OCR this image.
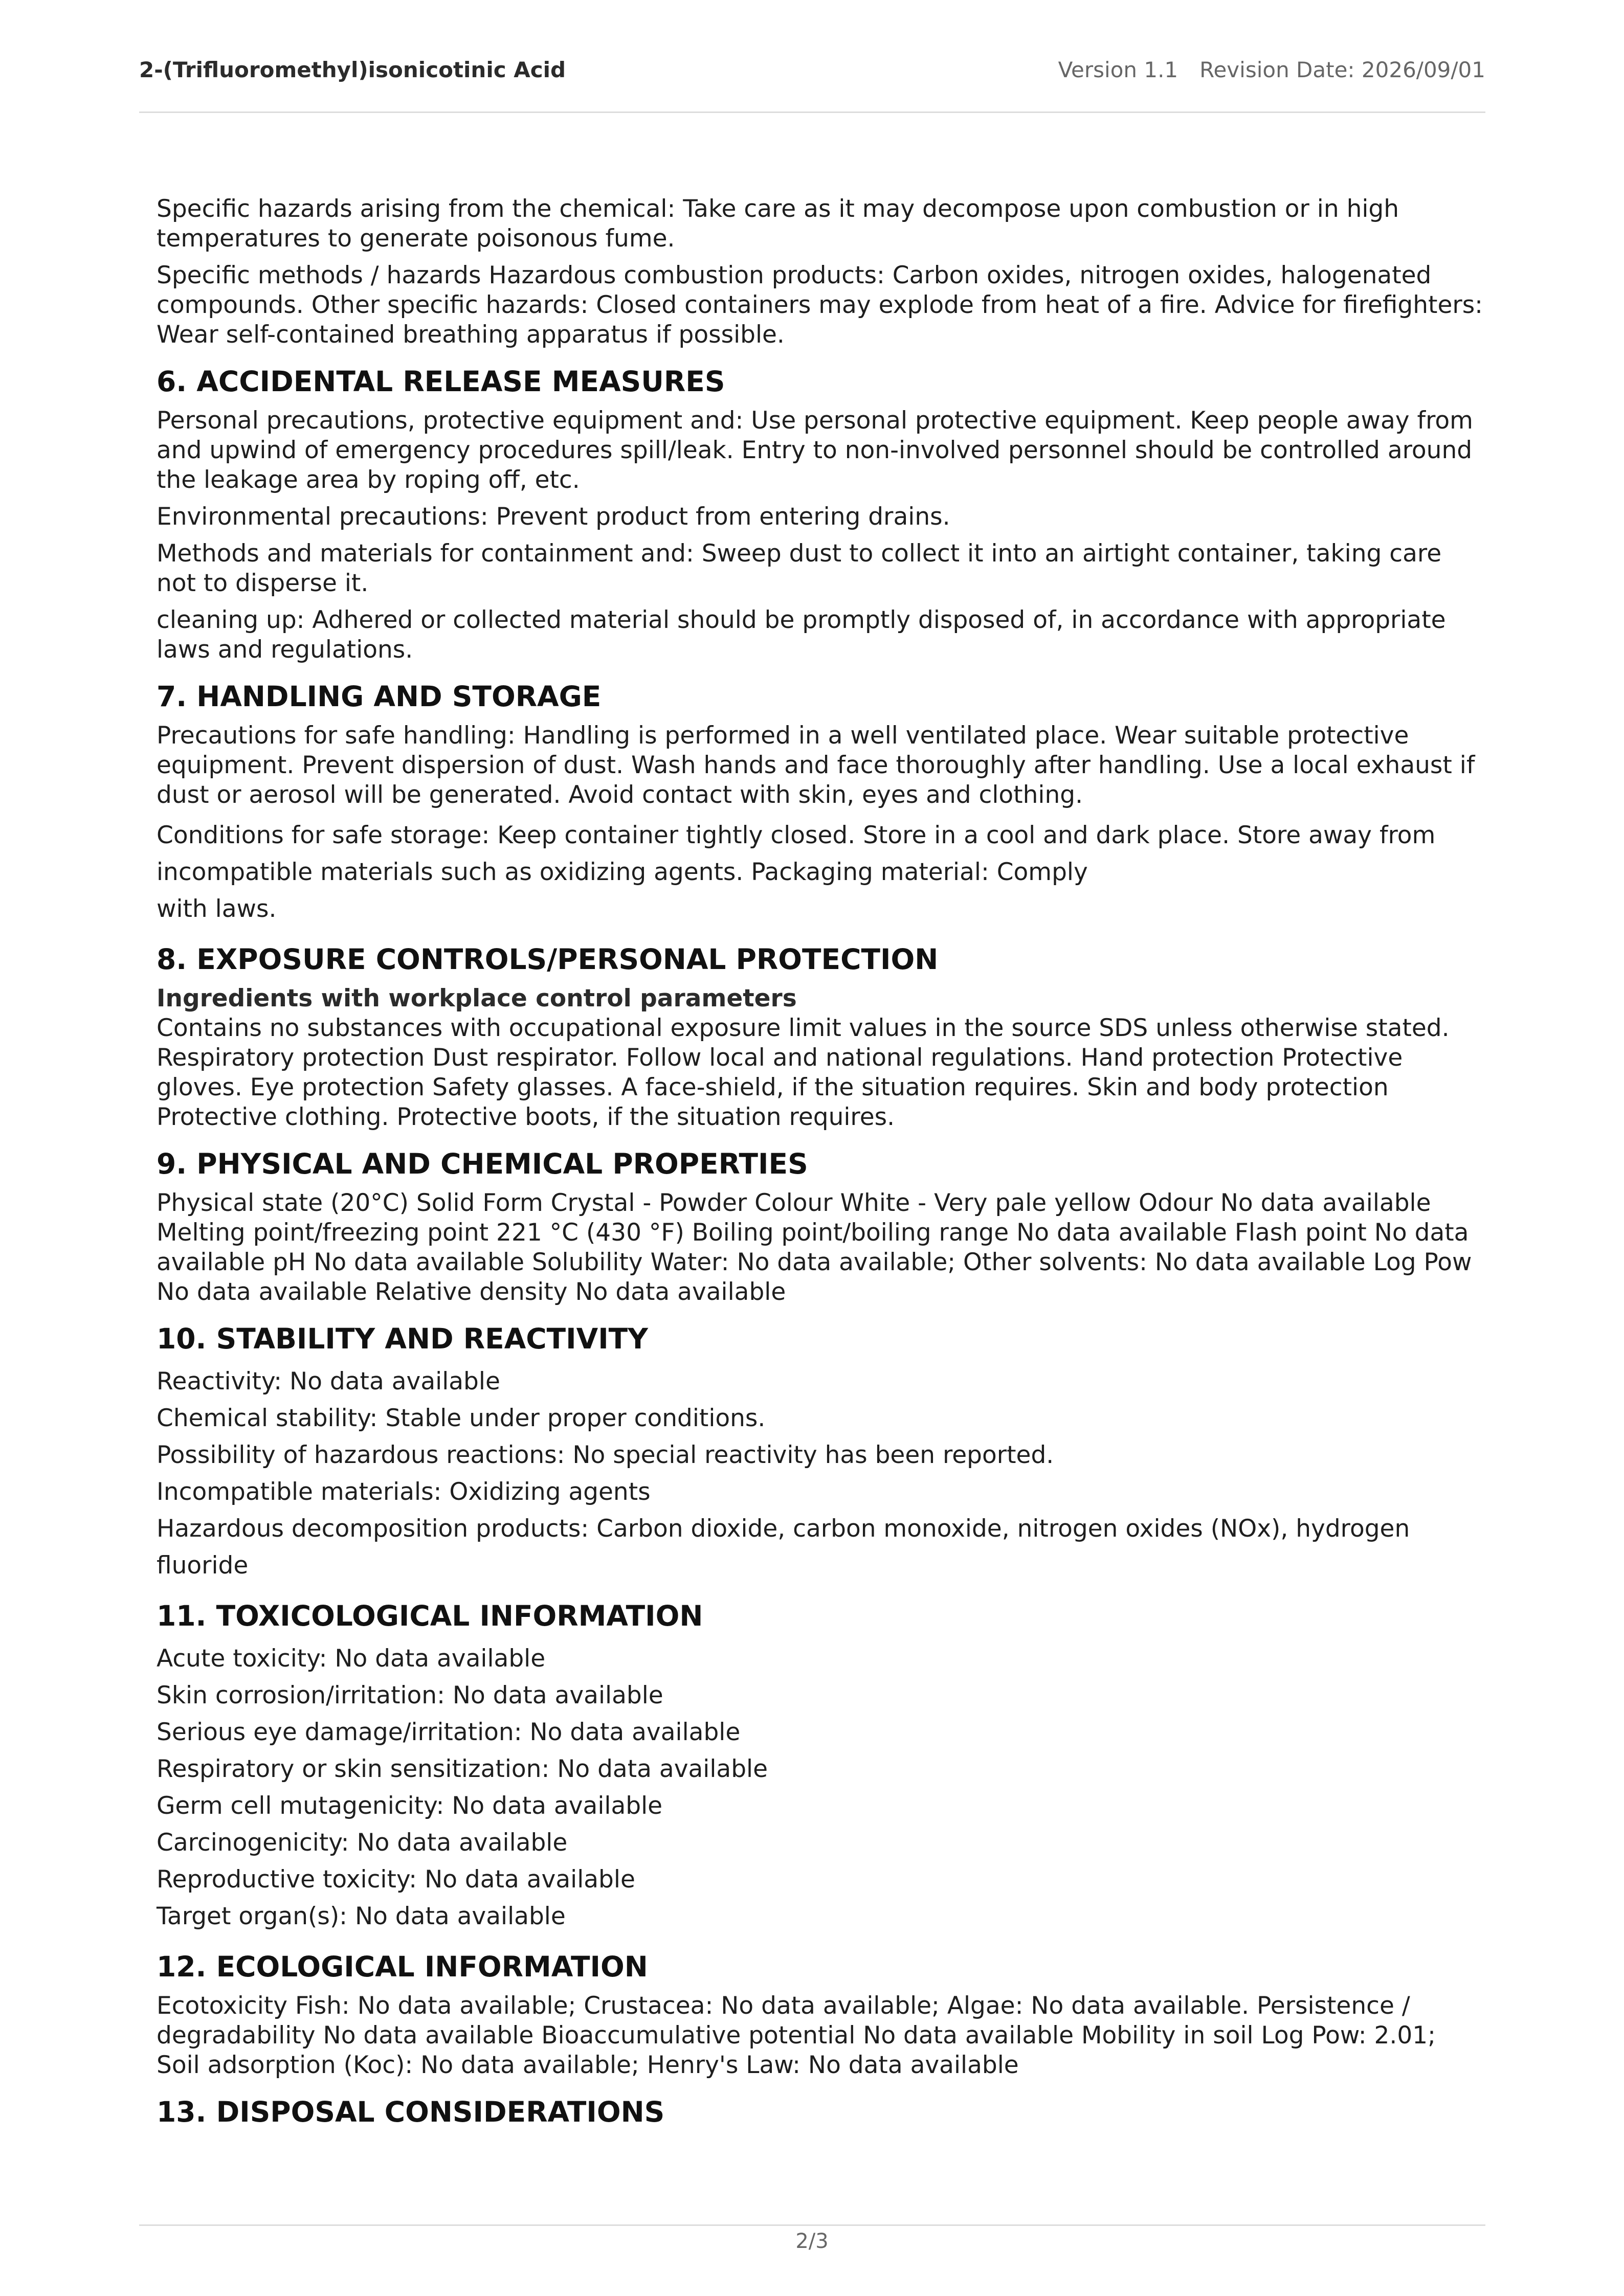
2-(Trifluoromethyl)isonicotinic Acid	Version 1.1 Revision Date: 2026/09/01

Specific hazards arising from the chemical: Take care as it may decompose upon combustion or in high temperatures to generate poisonous fume.

Specific methods / hazards Hazardous combustion products: Carbon oxides, nitrogen oxides, halogenated compounds. Other specific hazards: Closed containers may explode from heat of a fire. Advice for firefighters: Wear self-contained breathing apparatus if possible.

6. ACCIDENTAL RELEASE MEASURES

Personal precautions, protective equipment and: Use personal protective equipment. Keep people away from and upwind of emergency procedures spill/leak. Entry to non-involved personnel should be controlled around the leakage area by roping off, etc.

Environmental precautions: Prevent product from entering drains.

Methods and materials for containment and: Sweep dust to collect it into an airtight container, taking care not to disperse it.

cleaning up: Adhered or collected material should be promptly disposed of, in accordance with appropriate laws and regulations.

7. HANDLING AND STORAGE

Precautions for safe handling: Handling is performed in a well ventilated place. Wear suitable protective equipment. Prevent dispersion of dust. Wash hands and face thoroughly after handling. Use a local exhaust if dust or aerosol will be generated. Avoid contact with skin, eyes and clothing.

Conditions for safe storage: Keep container tightly closed. Store in a cool and dark place. Store away from

incompatible materials such as oxidizing agents. Packaging material: Comply

with laws.

8. EXPOSURE CONTROLS/PERSONAL PROTECTION

Ingredients with workplace control parameters

Contains no substances with occupational exposure limit values in the source SDS unless otherwise stated. Respiratory protection Dust respirator. Follow local and national regulations. Hand protection Protective gloves. Eye protection Safety glasses. A face-shield, if the situation requires. Skin and body protection Protective clothing. Protective boots, if the situation requires.

9. PHYSICAL AND CHEMICAL PROPERTIES

Physical state (20°C) Solid Form Crystal - Powder Colour White - Very pale yellow Odour No data available Melting point/freezing point 221 °C (430 °F) Boiling point/boiling range No data available Flash point No data available pH No data available Solubility Water: No data available; Other solvents: No data available Log Pow No data available Relative density No data available

10. STABILITY AND REACTIVITY

Reactivity: No data available

Chemical stability: Stable under proper conditions.

Possibility of hazardous reactions: No special reactivity has been reported.

Incompatible materials: Oxidizing agents

Hazardous decomposition products: Carbon dioxide, carbon monoxide, nitrogen oxides (NOx), hydrogen fluoride

11. TOXICOLOGICAL INFORMATION

Acute toxicity: No data available

Skin corrosion/irritation: No data available

Serious eye damage/irritation: No data available

Respiratory or skin sensitization: No data available

Germ cell mutagenicity: No data available

Carcinogenicity: No data available

Reproductive toxicity: No data available

Target organ(s): No data available

12. ECOLOGICAL INFORMATION

Ecotoxicity Fish: No data available; Crustacea: No data available; Algae: No data available. Persistence / degradability No data available Bioaccumulative potential No data available Mobility in soil Log Pow: 2.01; Soil adsorption (Koc): No data available; Henry's Law: No data available

13. DISPOSAL CONSIDERATIONS
2/3
